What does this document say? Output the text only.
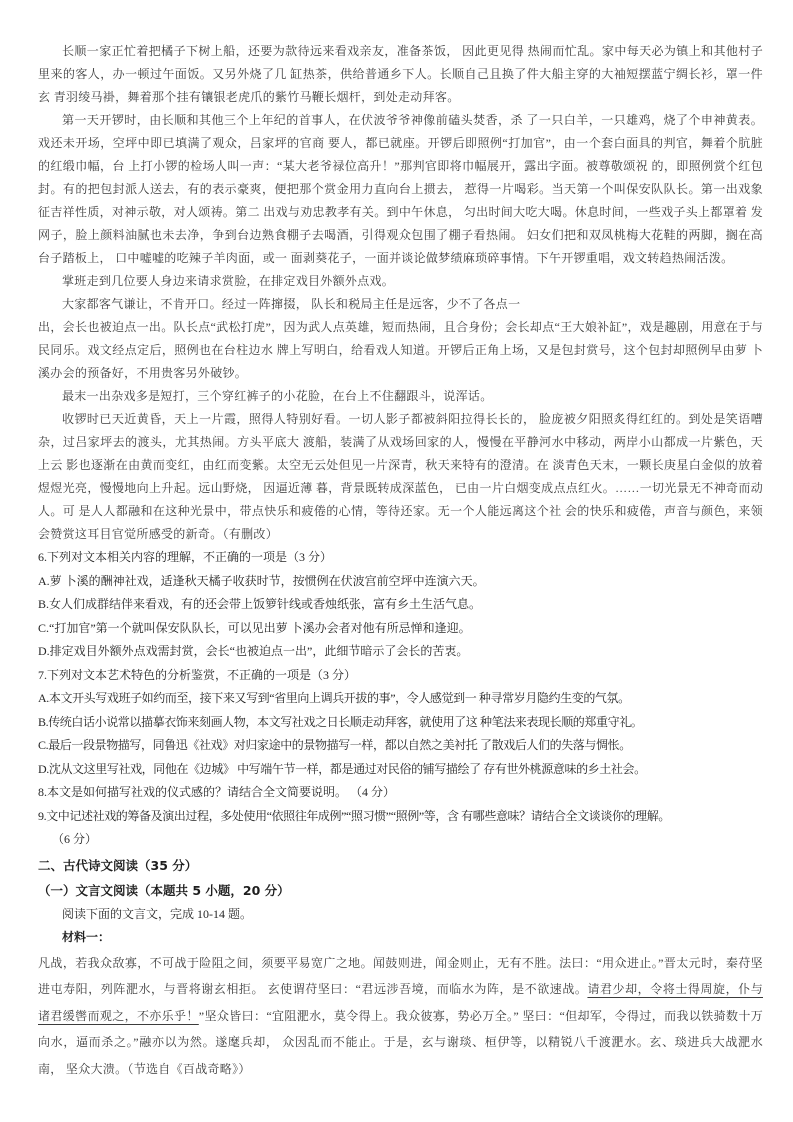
长顺一家正忙着把橘子下树上船，还要为款待远来看戏亲友，准备茶饭， 因此更见得 热闹而忙乱。家中每天必为镇上和其他村子里来的客人，办一顿过午面饭。又另外烧了几 缸热茶，供给普通乡下人。长顺自己且换了件大船主穿的大袖短摆蓝宁绸长衫，罩一件玄 青羽绫马褂，舞着那个挂有镶银老虎爪的紫竹马鞭长烟杆，到处走动拜客。

第一天开锣时，由长顺和其他三个上年纪的首事人，在伏波爷爷神像前磕头焚香，杀 了一只白羊，一只雄鸡，烧了个申神黄表。戏还未开场，空坪中即已填满了观众，吕家坪的官商 要人，都已就座。开锣后即照例“打加官”，由一个套白面具的判官，舞着个肮脏的红缎巾幅，台 上打小锣的检场人叫一声：“某大老爷禄位高升！”那判官即将巾幅展开，露出字面。被尊敬颂祝 的，即照例赏个红包封。有的把包封派人送去，有的表示豪爽，便把那个赏金用力直向台上掼去， 惹得一片喝彩。当天第一个叫保安队队长。第一出戏象征吉祥性质，对神示敬，对人颂祷。第二 出戏与劝忠教孝有关。到中午休息， 匀出时间大吃大喝。休息时间，一些戏子头上都罩着 发网子，脸上颜料油腻也未去净，争到台边熟食棚子去喝酒，引得观众包围了棚子看热闹。 妇女们把和双凤桃梅大花鞋的两脚，搁在高台子踏板上， 口中嘘嘘的吃辣子羊肉面，或一 面剥葵花子，一面并谈论做梦绩麻琐碎事情。下午开锣重唱，戏文转趋热闹活泼。

掌班走到几位要人身边来请求赏脸，在排定戏目外额外点戏。

大家都客气谦让，不肯开口。经过一阵撺掇， 队长和税局主任是远客，少不了各点一

出，会长也被迫点一出。队长点“武松打虎”，因为武人点英雄，短而热闹，且合身份；会长却点“王大娘补缸”，戏是趣剧，用意在于与民同乐。戏文经点定后，照例也在台柱边水 牌上写明白，给看戏人知道。开锣后正角上场，又是包封赏号，这个包封却照例早由萝 卜 溪办会的预备好，不用贵客另外破钞。

最末一出杂戏多是短打，三个穿红裤子的小花脸，在台上不住翻跟斗，说浑话。

收锣时已天近黄昏，天上一片霞，照得人特别好看。一切人影子都被斜阳拉得长长的， 脸庞被夕阳照炙得红红的。到处是笑语嘈杂，过吕家坪去的渡头，尤其热闹。方头平底大 渡船，装满了从戏场回家的人，慢慢在平静河水中移动，两岸小山都成一片紫色，天上云 影也逐渐在由黄而变红，由红而变紫。太空无云处但见一片深青，秋天来特有的澄清。在 淡青色天末，一颗长庚星白金似的放着煜煜光亮，慢慢地向上升起。远山野烧， 因逼近薄 暮，背景既转成深蓝色， 已由一片白烟变成点点红火。……一切光景无不神奇而动人。可 是人人都融和在这种光景中，带点快乐和疲倦的心情，等待还家。无一个人能远离这个社 会的快乐和疲倦，声音与颜色，来领会赞赏这耳目官觉所感受的新奇。（有删改）

6.下列对文本相关内容的理解，不正确的一项是（3 分）

A.萝 卜溪的酬神社戏，适逢秋天橘子收获时节，按惯例在伏波宫前空坪中连演六天。

B.女人们成群结伴来看戏，有的还会带上饭箩针线或香烛纸张，富有乡土生活气息。

C.“打加官”第一个就叫保安队队长，可以见出萝 卜溪办会者对他有所忌惮和逢迎。

D.排定戏目外额外点戏需封赏，会长“也被迫点一出”，此细节暗示了会长的苦衷。

7.下列对文本艺术特色的分析鉴赏，不正确的一项是（3 分）

A.本文开头写戏班子如约而至，接下来又写到“省里向上调兵开拔的事”，令人感觉到一 种寻常岁月隐约生变的气氛。

B.传统白话小说常以描摹衣饰来刻画人物，本文写社戏之日长顺走动拜客，就使用了这 种笔法来表现长顺的郑重守礼。

C.最后一段景物描写，同鲁迅《社戏》对归家途中的景物描写一样，都以自然之美衬托 了散戏后人们的失落与惆怅。

D.沈从文这里写社戏，同他在《边城》 中写端午节一样，都是通过对民俗的铺写描绘了 存有世外桃源意味的乡土社会。

8.本文是如何描写社戏的仪式感的？请结合全文简要说明。 （4 分）

9.文中记述社戏的筹备及演出过程，多处使用“依照往年成例”“照习惯”“照例”等，含 有哪些意味？请结合全文谈谈你的理解。

（6 分）

二、古代诗文阅读（35 分）
（一）文言文阅读（本题共 5 小题，20 分）

阅读下面的文言文，完成 10-14 题。

材料一：

凡战，若我众敌寡，不可战于险阻之间，须要平易宽广之地。闻鼓则进，闻金则止，无有不胜。法曰：“用众进止。”晋太元时，秦苻坚进屯寿阳，列阵淝水，与晋将谢玄相拒。 玄使谓苻坚曰：“君远涉吾境，而临水为阵，是不欲速战。请君少却，令将士得周旋，仆与 诸君缓辔而观之，不亦乐乎！”坚众皆曰：“宜阻淝水，莫令得上。我众彼寡，势必万全。” 坚曰：“但却军，令得过，而我以铁骑数十万向水，逼而杀之。”融亦以为然。遂麾兵却， 众因乱而不能止。于是，玄与谢琰、桓伊等，以精锐八千渡淝水。玄、琰进兵大战淝水南， 坚众大溃。（节选自《百战奇略》）
